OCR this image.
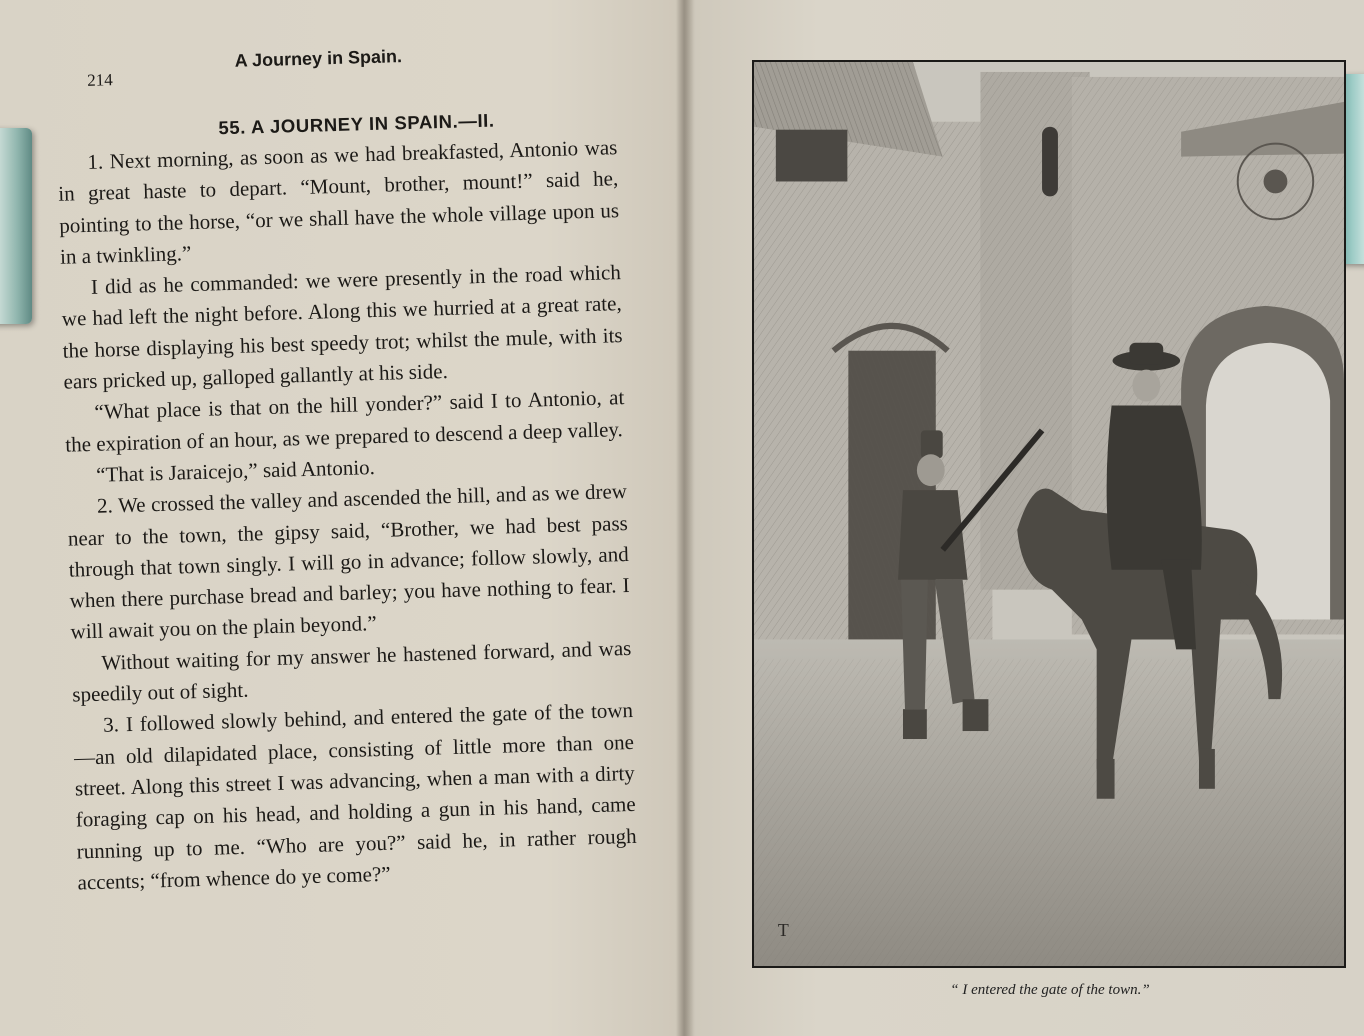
214
A Journey in Spain.
55. A JOURNEY IN SPAIN.—II.

1. Next morning, as soon as we had breakfasted, Antonio was in great haste to depart. “Mount, brother, mount!” said he, pointing to the horse, “or we shall have the whole village upon us in a twinkling.”

I did as he commanded: we were presently in the road which we had left the night before. Along this we hurried at a great rate, the horse displaying his best speedy trot; whilst the mule, with its ears pricked up, galloped gallantly at his side.

“What place is that on the hill yonder?” said I to Antonio, at the expiration of an hour, as we prepared to descend a deep valley.

“That is Jaraicejo,” said Antonio.

2. We crossed the valley and ascended the hill, and as we drew near to the town, the gipsy said, “Brother, we had best pass through that town singly. I will go in advance; follow slowly, and when there purchase bread and barley; you have nothing to fear. I will await you on the plain beyond.”

Without waiting for my answer he hastened forward, and was speedily out of sight.

3. I followed slowly behind, and entered the gate of the town—an old dilapidated place, consisting of little more than one street. Along this street I was advancing, when a man with a dirty foraging cap on his head, and holding a gun in his hand, came running up to me. “Who are you?” said he, in rather rough accents; “from whence do ye come?”

T
“ I entered the gate of the town.”
